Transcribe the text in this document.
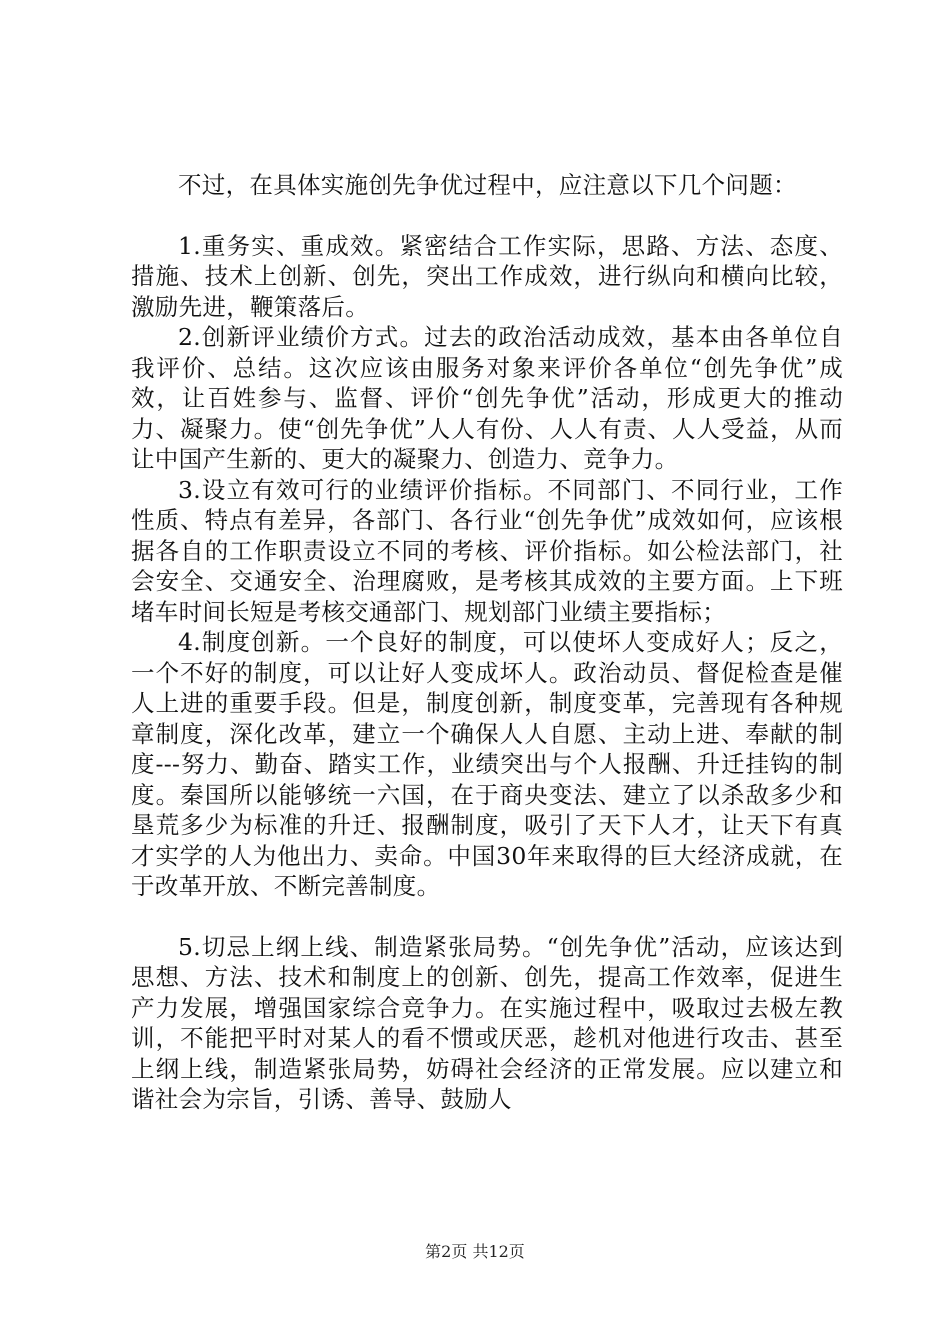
不过，在具体实施创先争优过程中，应注意以下几个问题：

1.重务实、重成效。紧密结合工作实际，思路、方法、态度、措施、技术上创新、创先，突出工作成效，进行纵向和横向比较，激励先进，鞭策落后。

2.创新评业绩价方式。过去的政治活动成效，基本由各单位自我评价、总结。这次应该由服务对象来评价各单位“创先争优”成效，让百姓参与、监督、评价“创先争优”活动，形成更大的推动力、凝聚力。使“创先争优”人人有份、人人有责、人人受益，从而让中国产生新的、更大的凝聚力、创造力、竞争力。

3.设立有效可行的业绩评价指标。不同部门、不同行业，工作性质、特点有差异，各部门、各行业“创先争优”成效如何，应该根据各自的工作职责设立不同的考核、评价指标。如公检法部门，社会安全、交通安全、治理腐败，是考核其成效的主要方面。上下班堵车时间长短是考核交通部门、规划部门业绩主要指标；

4.制度创新。一个良好的制度，可以使坏人变成好人；反之，一个不好的制度，可以让好人变成坏人。政治动员、督促检查是催人上进的重要手段。但是，制度创新，制度变革，完善现有各种规章制度，深化改革，建立一个确保人人自愿、主动上进、奉献的制度---努力、勤奋、踏实工作，业绩突出与个人报酬、升迁挂钩的制度。秦国所以能够统一六国，在于商央变法、建立了以杀敌多少和垦荒多少为标准的升迁、报酬制度，吸引了天下人才，让天下有真才实学的人为他出力、卖命。中国30年来取得的巨大经济成就，在于改革开放、不断完善制度。

5.切忌上纲上线、制造紧张局势。“创先争优”活动，应该达到思想、方法、技术和制度上的创新、创先，提高工作效率，促进生产力发展，增强国家综合竞争力。在实施过程中，吸取过去极左教训，不能把平时对某人的看不惯或厌恶，趁机对他进行攻击、甚至上纲上线，制造紧张局势，妨碍社会经济的正常发展。应以建立和谐社会为宗旨，引诱、善导、鼓励人

第2页 共12页
